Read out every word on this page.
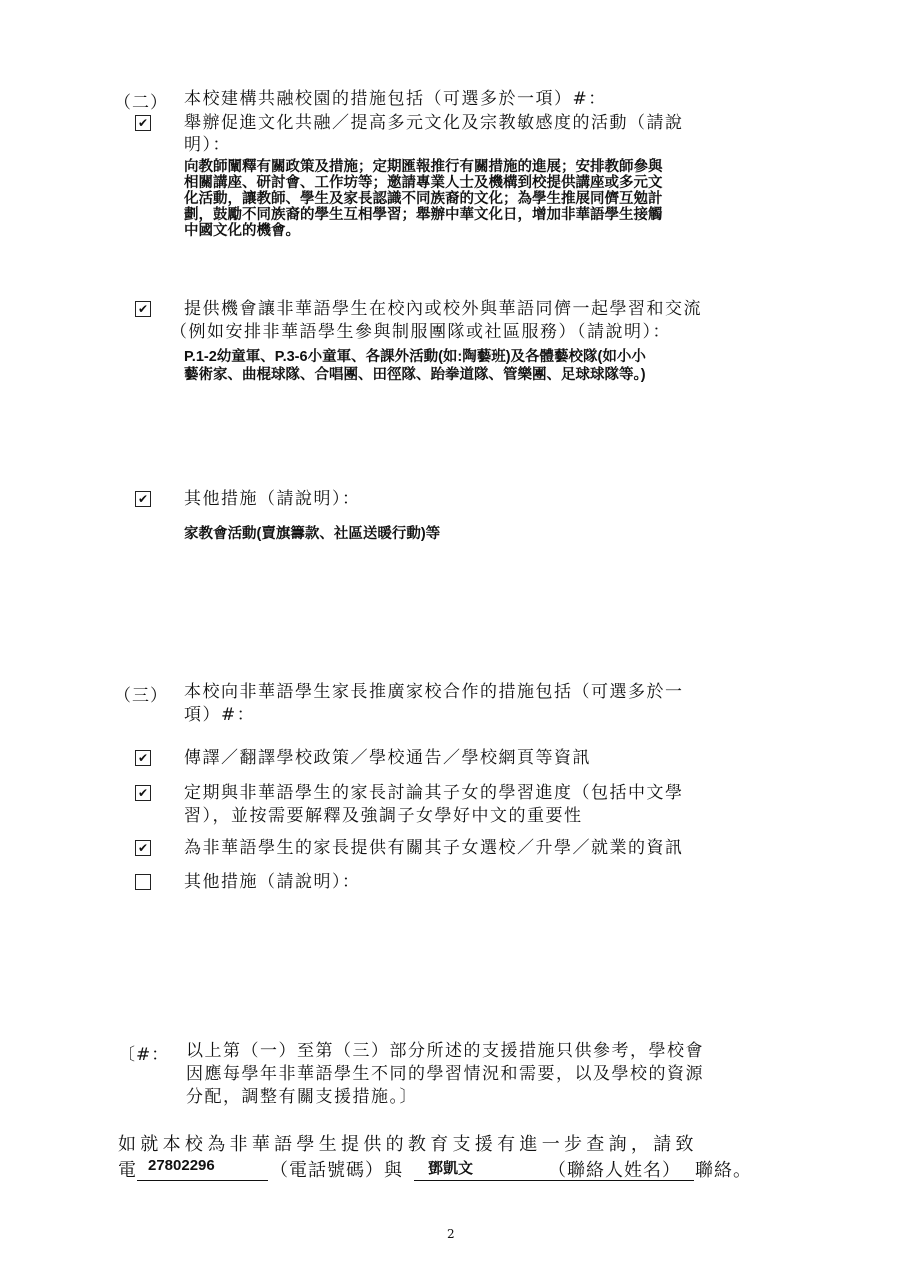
（二） 本校建構共融校園的措施包括（可選多於一項）#：
✔ 舉辦促進文化共融／提高多元文化及宗教敏感度的活動（請說
明）：
向教師闡釋有關政策及措施；定期匯報推行有關措施的進展；安排教師參與
相關講座、研討會、工作坊等；邀請專業人士及機構到校提供講座或多元文
化活動，讓教師、學生及家長認識不同族裔的文化；為學生推展同儕互勉計
劃，鼓勵不同族裔的學生互相學習；舉辦中華文化日，增加非華語學生接觸
中國文化的機會。
✔ 提供機會讓非華語學生在校內或校外與華語同儕一起學習和交流
（例如安排非華語學生參與制服團隊或社區服務）（請說明）：
P.1-2幼童軍、P.3-6小童軍、各課外活動(如:陶藝班)及各體藝校隊(如小小
藝術家、曲棍球隊、合唱團、田徑隊、跆拳道隊、管樂團、足球球隊等。)
✔ 其他措施（請說明）：
家教會活動(賣旗籌款、社區送暖行動)等
（三） 本校向非華語學生家長推廣家校合作的措施包括（可選多於一
項）#：
✔ 傳譯／翻譯學校政策／學校通告／學校網頁等資訊
✔ 定期與非華語學生的家長討論其子女的學習進度（包括中文學
習），並按需要解釋及強調子女學好中文的重要性
✔ 為非華語學生的家長提供有關其子女選校／升學／就業的資訊
其他措施（請說明）：
〔#： 以上第（一）至第（三）部分所述的支援措施只供參考，學校會
因應每學年非華語學生不同的學習情況和需要，以及學校的資源
分配，調整有關支援措施。〕
如就本校為非華語學生提供的教育支援有進一步查詢，請致
電 27802296	（電話號碼）與 鄧凱文	（聯絡人姓名） 聯絡。
2
